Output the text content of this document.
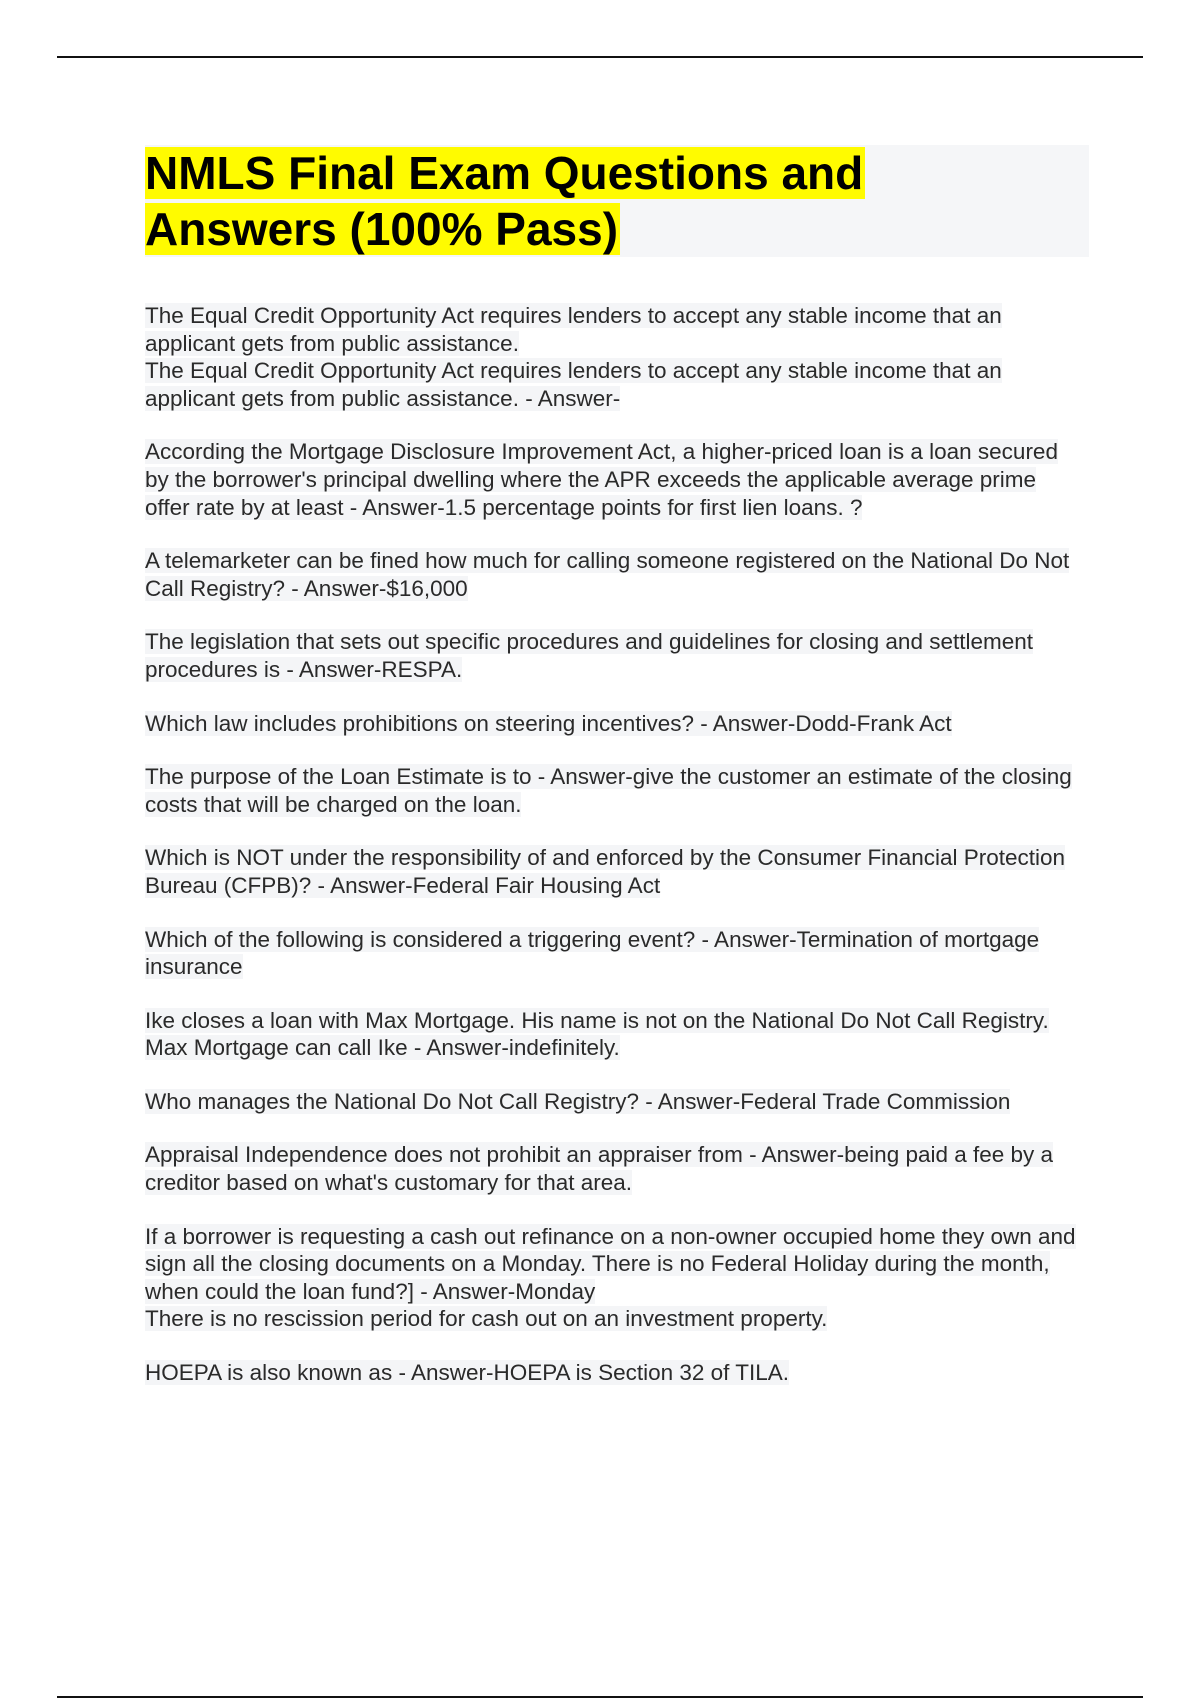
NMLS Final Exam Questions and
Answers (100% Pass)

The Equal Credit Opportunity Act requires lenders to accept any stable income that an applicant gets from public assistance.

The Equal Credit Opportunity Act requires lenders to accept any stable income that an applicant gets from public assistance. - Answer-

According the Mortgage Disclosure Improvement Act, a higher-priced loan is a loan secured by the borrower's principal dwelling where the APR exceeds the applicable average prime offer rate by at least - Answer-1.5 percentage points for first lien loans. ?

A telemarketer can be fined how much for calling someone registered on the National Do Not Call Registry? - Answer-$16,000

The legislation that sets out specific procedures and guidelines for closing and settlement procedures is - Answer-RESPA.

Which law includes prohibitions on steering incentives? - Answer-Dodd-Frank Act

The purpose of the Loan Estimate is to - Answer-give the customer an estimate of the closing costs that will be charged on the loan.

Which is NOT under the responsibility of and enforced by the Consumer Financial Protection Bureau (CFPB)? - Answer-Federal Fair Housing Act

Which of the following is considered a triggering event? - Answer-Termination of mortgage insurance

Ike closes a loan with Max Mortgage. His name is not on the National Do Not Call Registry. Max Mortgage can call Ike - Answer-indefinitely.

Who manages the National Do Not Call Registry? - Answer-Federal Trade Commission

Appraisal Independence does not prohibit an appraiser from - Answer-being paid a fee by a creditor based on what's customary for that area.

If a borrower is requesting a cash out refinance on a non-owner occupied home they own and sign all the closing documents on a Monday. There is no Federal Holiday during the month, when could the loan fund?] - Answer-Monday

There is no rescission period for cash out on an investment property.

HOEPA is also known as - Answer-HOEPA is Section 32 of TILA.
